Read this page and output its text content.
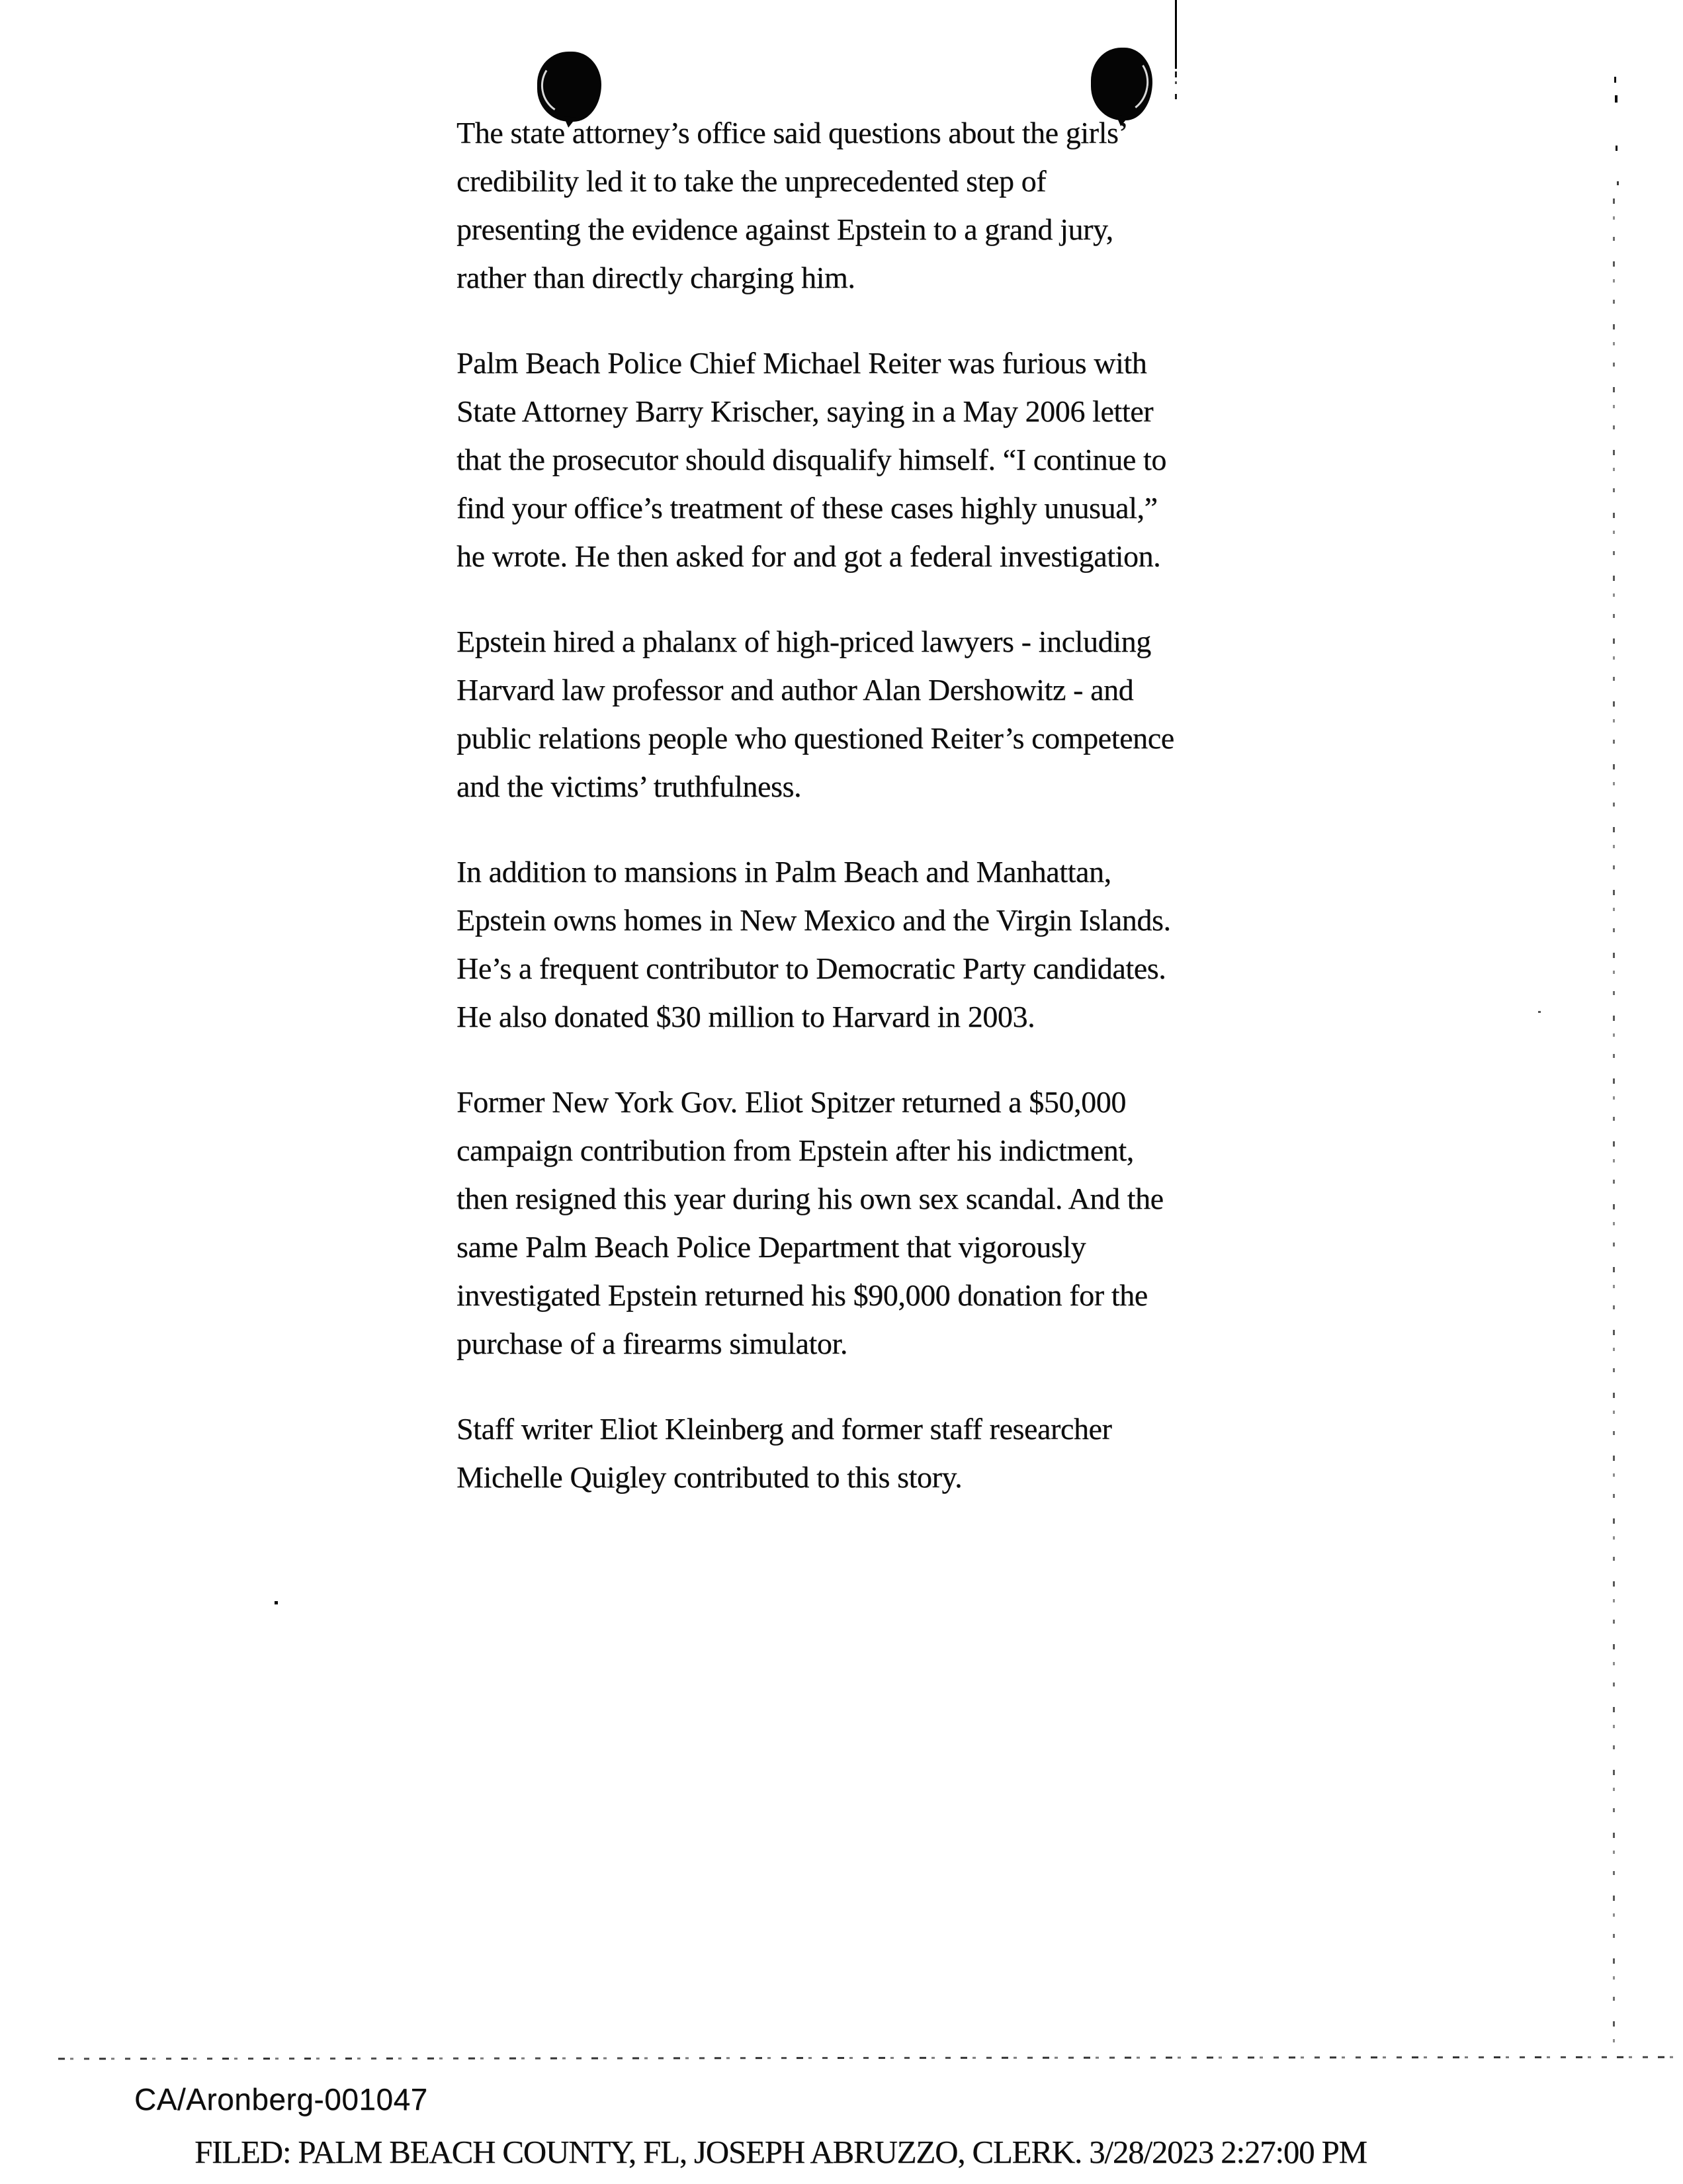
The state attorney’s office said questions about the girls’
credibility led it to take the unprecedented step of
presenting the evidence against Epstein to a grand jury,
rather than directly charging him.
Palm Beach Police Chief Michael Reiter was furious with
State Attorney Barry Krischer, saying in a May 2006 letter
that the prosecutor should disqualify himself. “I continue to
find your office’s treatment of these cases highly unusual,”
he wrote. He then asked for and got a federal investigation.
Epstein hired a phalanx of high-priced lawyers - including
Harvard law professor and author Alan Dershowitz - and
public relations people who questioned Reiter’s competence
and the victims’ truthfulness.
In addition to mansions in Palm Beach and Manhattan,
Epstein owns homes in New Mexico and the Virgin Islands.
He’s a frequent contributor to Democratic Party candidates.
He also donated $30 million to Harvard in 2003.
Former New York Gov. Eliot Spitzer returned a $50,000
campaign contribution from Epstein after his indictment,
then resigned this year during his own sex scandal. And the
same Palm Beach Police Department that vigorously
investigated Epstein returned his $90,000 donation for the
purchase of a firearms simulator.
Staff writer Eliot Kleinberg and former staff researcher
Michelle Quigley contributed to this story.
CA/Aronberg-001047
FILED: PALM BEACH COUNTY, FL, JOSEPH ABRUZZO, CLERK. 3/28/2023 2:27:00 PM
